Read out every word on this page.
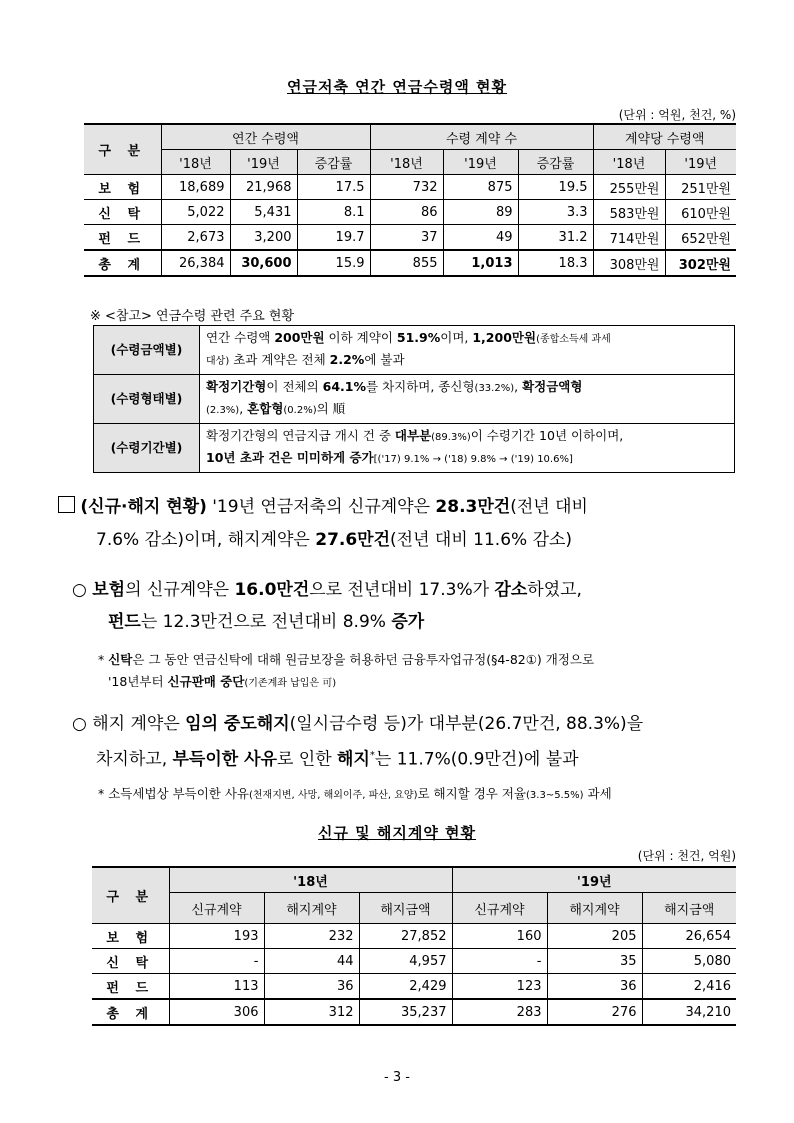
연금저축 연간 연금수령액 현황
(단위 : 억원, 천건, %)
구 분	연간 수령액			수령 계약 수			계약당 수령액	
	'18년	'19년	증감률	'18년	'19년	증감률	'18년	'19년
보 험	18,689	21,968	17.5	732	875	19.5	255만원	251만원
신 탁	5,022	5,431	8.1	86	89	3.3	583만원	610만원
펀 드	2,673	3,200	19.7	37	49	31.2	714만원	652만원
총 계	26,384	30,600	15.9	855	1,013	18.3	308만원	302만원
※ <참고> 연금수령 관련 주요 현황
(수령금액별)	연간 수령액 200만원 이하 계약이 51.9%이며, 1,200만원(종합소득세 과세
대상) 초과 계약은 전체 2.2%에 불과
(수령형태별)	확정기간형이 전체의 64.1%를 차지하며, 종신형(33.2%), 확정금액형
(2.3%), 혼합형(0.2%)의 順
(수령기간별)	확정기간형의 연금지급 개시 건 중 대부분(89.3%)이 수령기간 10년 이하이며,
10년 초과 건은 미미하게 증가[('17) 9.1% → ('18) 9.8% → ('19) 10.6%]
(신규·해지 현황) '19년 연금저축의 신규계약은 28.3만건(전년 대비
7.6% 감소)이며, 해지계약은 27.6만건(전년 대비 11.6% 감소)
○ 보험의 신규계약은 16.0만건으로 전년대비 17.3%가 감소하였고,
펀드는 12.3만건으로 전년대비 8.9% 증가
* 신탁은 그 동안 연금신탁에 대해 원금보장을 허용하던 금융투자업규정(§4-82①) 개정으로
'18년부터 신규판매 중단(기존계좌 납입은 可)
○ 해지 계약은 임의 중도해지(일시금수령 등)가 대부분(26.7만건, 88.3%)을
차지하고, 부득이한 사유로 인한 해지*는 11.7%(0.9만건)에 불과
* 소득세법상 부득이한 사유(천재지변, 사망, 해외이주, 파산, 요양)로 해지할 경우 저율(3.3~5.5%) 과세
신규 및 해지계약 현황
(단위 : 천건, 억원)
구 분	'18년			'19년		
	신규계약	해지계약	해지금액	신규계약	해지계약	해지금액
보 험	193	232	27,852	160	205	26,654
신 탁	-	44	4,957	-	35	5,080
펀 드	113	36	2,429	123	36	2,416
총 계	306	312	35,237	283	276	34,210
- 3 -
